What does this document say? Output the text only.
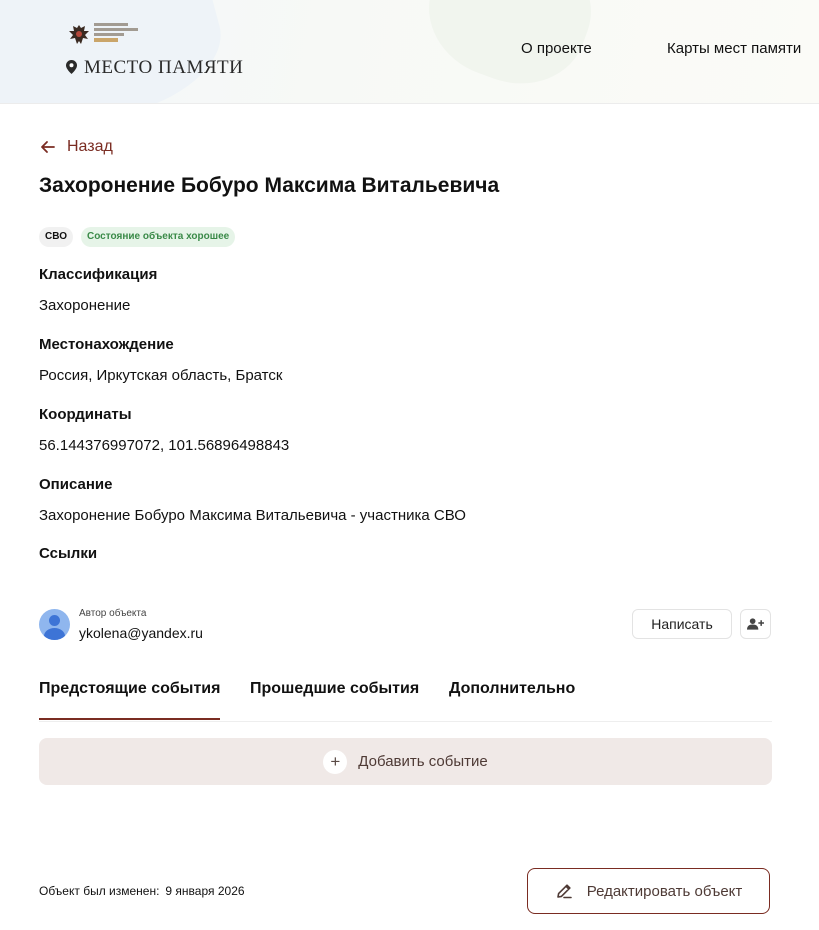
МЕСТО ПАМЯТИ
О проекте	Карты мест памяти
Назад
Захоронение Бобуро Максима Витальевича
СВО	Состояние объекта хорошее
Классификация
Захоронение
Местонахождение
Россия, Иркутская область, Братск
Координаты
56.144376997072, 101.56896498843
Описание
Захоронение Бобуро Максима Витальевича - участника СВО
Ссылки
Автор объекта
ykolena@yandex.ru
Написать
Предстоящие события Прошедшие события Дополнительно
+	Добавить событие
Объект был изменен: 9 января 2026	Редактировать объект
